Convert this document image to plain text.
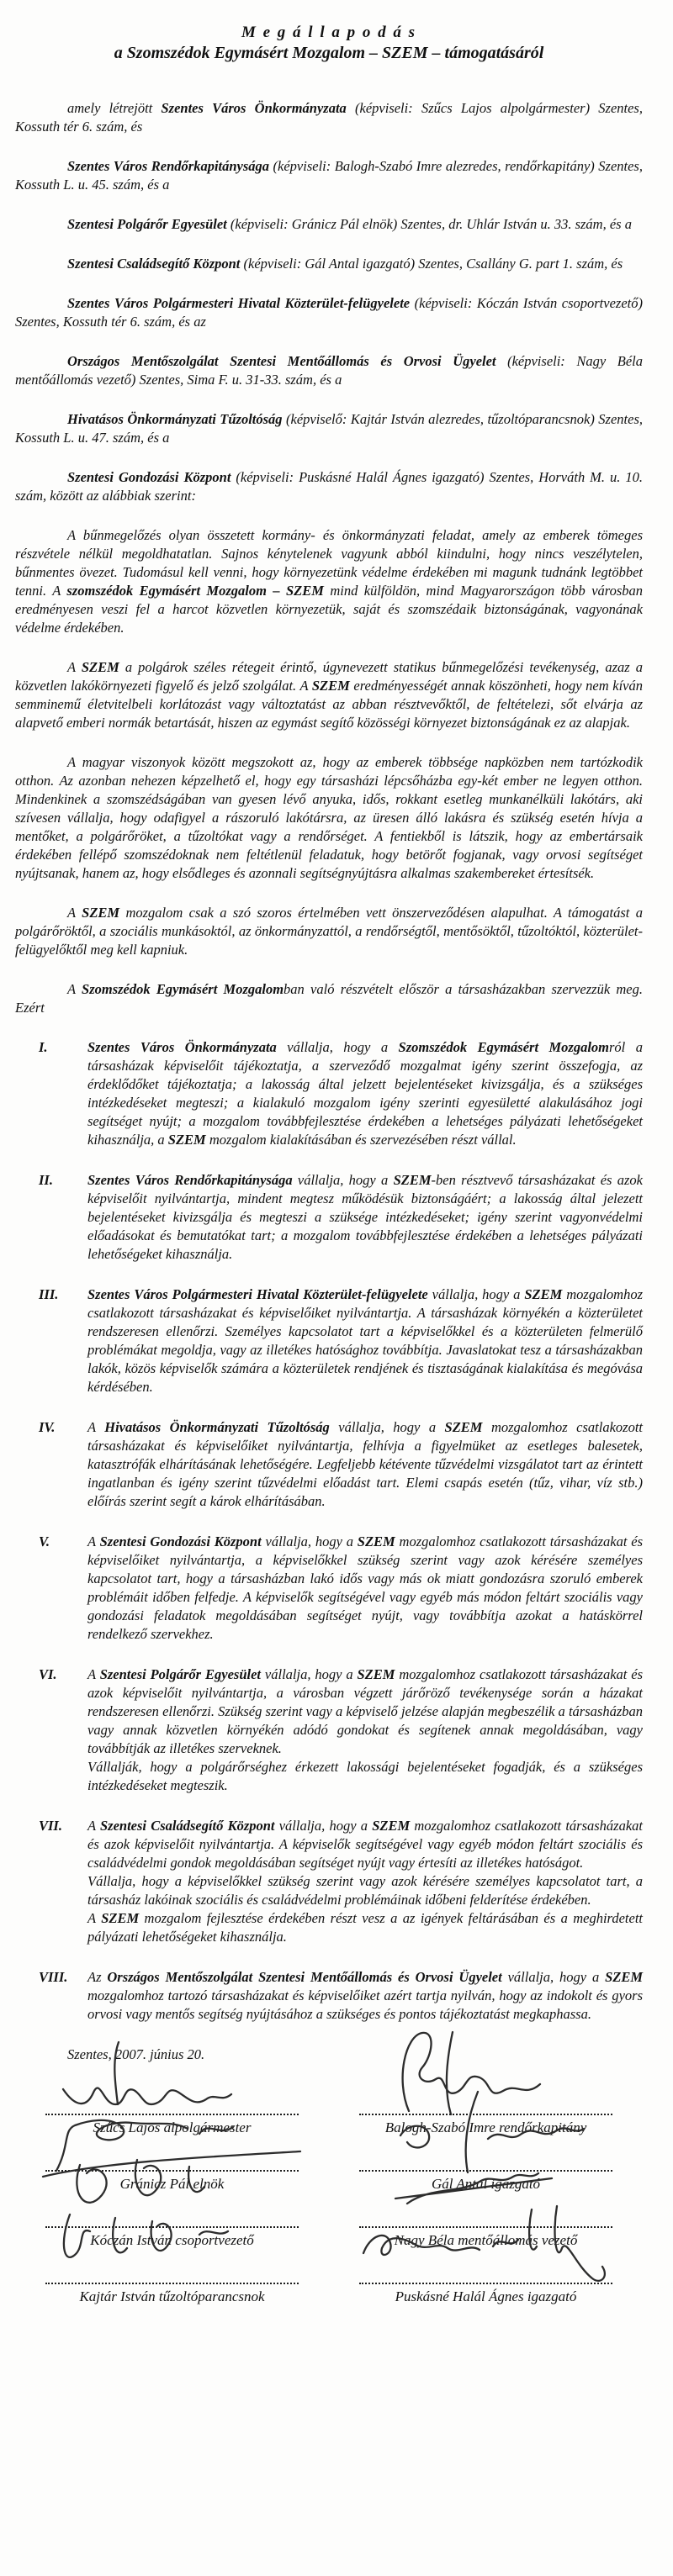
M e g á l l a p o d á s
a Szomszédok Egymásért Mozgalom – SZEM – támogatásáról

amely létrejött Szentes Város Önkormányzata (képviseli: Szűcs Lajos alpolgármester) Szentes, Kossuth tér 6. szám, és

Szentes Város Rendőrkapitánysága (képviseli: Balogh-Szabó Imre alezredes, rendőrkapitány) Szentes, Kossuth L. u. 45. szám, és a

Szentesi Polgárőr Egyesület (képviseli: Gránicz Pál elnök) Szentes, dr. Uhlár István u. 33. szám, és a

Szentesi Családsegítő Központ (képviseli: Gál Antal igazgató) Szentes, Csallány G. part 1. szám, és

Szentes Város Polgármesteri Hivatal Közterület-felügyelete (képviseli: Kóczán István csoportvezető) Szentes, Kossuth tér 6. szám, és az

Országos Mentőszolgálat Szentesi Mentőállomás és Orvosi Ügyelet (képviseli: Nagy Béla mentőállomás vezető) Szentes, Sima F. u. 31-33. szám, és a

Hivatásos Önkormányzati Tűzoltóság (képviselő: Kajtár István alezredes, tűzoltóparancsnok) Szentes, Kossuth L. u. 47. szám, és a

Szentesi Gondozási Központ (képviseli: Puskásné Halál Ágnes igazgató) Szentes, Horváth M. u. 10. szám, között az alábbiak szerint:

A bűnmegelőzés olyan összetett kormány- és önkormányzati feladat, amely az emberek tömeges részvétele nélkül megoldhatatlan. Sajnos kénytelenek vagyunk abból kiindulni, hogy nincs veszélytelen, bűnmentes övezet. Tudomásul kell venni, hogy környezetünk védelme érdekében mi magunk tudnánk legtöbbet tenni. A szomszédok Egymásért Mozgalom – SZEM mind külföldön, mind Magyarországon több városban eredményesen veszi fel a harcot közvetlen környezetük, saját és szomszédaik biztonságának, vagyonának védelme érdekében.

A SZEM a polgárok széles rétegeit érintő, úgynevezett statikus bűnmegelőzési tevékenység, azaz a közvetlen lakókörnyezeti figyelő és jelző szolgálat. A SZEM eredményességét annak köszönheti, hogy nem kíván semminemű életvitelbeli korlátozást vagy változtatást az abban résztvevőktől, de feltételezi, sőt elvárja az alapvető emberi normák betartását, hiszen az egymást segítő közösségi környezet biztonságának ez az alapjak.

A magyar viszonyok között megszokott az, hogy az emberek többsége napközben nem tartózkodik otthon. Az azonban nehezen képzelhető el, hogy egy társasházi lépcsőházba egy-két ember ne legyen otthon. Mindenkinek a szomszédságában van gyesen lévő anyuka, idős, rokkant esetleg munkanélküli lakótárs, aki szívesen vállalja, hogy odafigyel a rászoruló lakótársra, az üresen álló lakásra és szükség esetén hívja a mentőket, a polgárőröket, a tűzoltókat vagy a rendőrséget. A fentiekből is látszik, hogy az embertársaik érdekében fellépő szomszédoknak nem feltétlenül feladatuk, hogy betörőt fogjanak, vagy orvosi segítséget nyújtsanak, hanem az, hogy elsődleges és azonnali segítségnyújtásra alkalmas szakembereket értesítsék.

A SZEM mozgalom csak a szó szoros értelmében vett önszerveződésen alapulhat. A támogatást a polgárőröktől, a szociális munkásoktól, az önkormányzattól, a rendőrségtől, mentősöktől, tűzoltóktól, közterület-felügyelőktől meg kell kapniuk.

A Szomszédok Egymásért Mozgalomban való részvételt először a társasházakban szervezzük meg. Ezért

I.	Szentes Város Önkormányzata vállalja, hogy a Szomszédok Egymásért Mozgalomról a társasházak képviselőit tájékoztatja, a szerveződő mozgalmat igény szerint összefogja, az érdeklődőket tájékoztatja; a lakosság által jelzett bejelentéseket kivizsgálja, és a szükséges intézkedéseket megteszi; a kialakuló mozgalom igény szerinti egyesületté alakulásához jogi segítséget nyújt; a mozgalom továbbfejlesztése érdekében a lehetséges pályázati lehetőségeket kihasználja, a SZEM mozgalom kialakításában és szervezésében részt vállal.

II.	Szentes Város Rendőrkapitánysága vállalja, hogy a SZEM-ben résztvevő társasházakat és azok képviselőit nyilvántartja, mindent megtesz működésük biztonságáért; a lakosság által jelezett bejelentéseket kivizsgálja és megteszi a szüksége intézkedéseket; igény szerint vagyonvédelmi előadásokat és bemutatókat tart; a mozgalom továbbfejlesztése érdekében a lehetséges pályázati lehetőségeket kihasználja.

III.	Szentes Város Polgármesteri Hivatal Közterület-felügyelete vállalja, hogy a SZEM mozgalomhoz csatlakozott társasházakat és képviselőiket nyilvántartja. A társasházak környékén a közterületet rendszeresen ellenőrzi. Személyes kapcsolatot tart a képviselőkkel és a közterületen felmerülő problémákat megoldja, vagy az illetékes hatósághoz továbbítja. Javaslatokat tesz a társasházakban lakók, közös képviselők számára a közterületek rendjének és tisztaságának kialakítása és megóvása kérdésében.

IV.	A Hivatásos Önkormányzati Tűzoltóság vállalja, hogy a SZEM mozgalomhoz csatlakozott társasházakat és képviselőiket nyilvántartja, felhívja a figyelmüket az esetleges balesetek, katasztrófák elhárításának lehetőségére. Legfeljebb kétévente tűzvédelmi vizsgálatot tart az érintett ingatlanban és igény szerint tűzvédelmi előadást tart. Elemi csapás esetén (tűz, vihar, víz stb.) előírás szerint segít a károk elhárításában.

V.	A Szentesi Gondozási Központ vállalja, hogy a SZEM mozgalomhoz csatlakozott társasházakat és képviselőiket nyilvántartja, a képviselőkkel szükség szerint vagy azok kérésére személyes kapcsolatot tart, hogy a társasházban lakó idős vagy más ok miatt gondozásra szoruló emberek problémáit időben felfedje. A képviselők segítségével vagy egyéb más módon feltárt szociális vagy gondozási feladatok megoldásában segítséget nyújt, vagy továbbítja azokat a hatáskörrel rendelkező szervekhez.

VI.	A Szentesi Polgárőr Egyesület vállalja, hogy a SZEM mozgalomhoz csatlakozott társasházakat és azok képviselőit nyilvántartja, a városban végzett járőröző tevékenysége során a házakat rendszeresen ellenőrzi. Szükség szerint vagy a képviselő jelzése alapján megbeszélik a társasházban vagy annak közvetlen környékén adódó gondokat és segítenek annak megoldásában, vagy továbbítják az illetékes szerveknek.

Vállalják, hogy a polgárőrséghez érkezett lakossági bejelentéseket fogadják, és a szükséges intézkedéseket megteszik.

VII.	A Szentesi Családsegítő Központ vállalja, hogy a SZEM mozgalomhoz csatlakozott társasházakat és azok képviselőit nyilvántartja. A képviselők segítségével vagy egyéb módon feltárt szociális és családvédelmi gondok megoldásában segítséget nyújt vagy értesíti az illetékes hatóságot.

Vállalja, hogy a képviselőkkel szükség szerint vagy azok kérésére személyes kapcsolatot tart, a társasház lakóinak szociális és családvédelmi problémáinak időbeni felderítése érdekében.

A SZEM mozgalom fejlesztése érdekében részt vesz a az igények feltárásában és a meghirdetett pályázati lehetőségeket kihasználja.

VIII.	Az Országos Mentőszolgálat Szentesi Mentőállomás és Orvosi Ügyelet vállalja, hogy a SZEM mozgalomhoz tartozó társasházakat és képviselőiket azért tartja nyilván, hogy az indokolt és gyors orvosi vagy mentős segítség nyújtásához a szükséges és pontos tájékoztatást megkaphassa.

Szentes, 2007. június 20.

Szűcs Lajos alpolgármester	Balogh-Szabó Imre rendőrkapitány
Gránicz Pál elnök	Gál Antal igazgató
Kóczán István csoportvezető	Nagy Béla mentőállomás vezető
Kajtár István tűzoltóparancsnok	Puskásné Halál Ágnes igazgató
